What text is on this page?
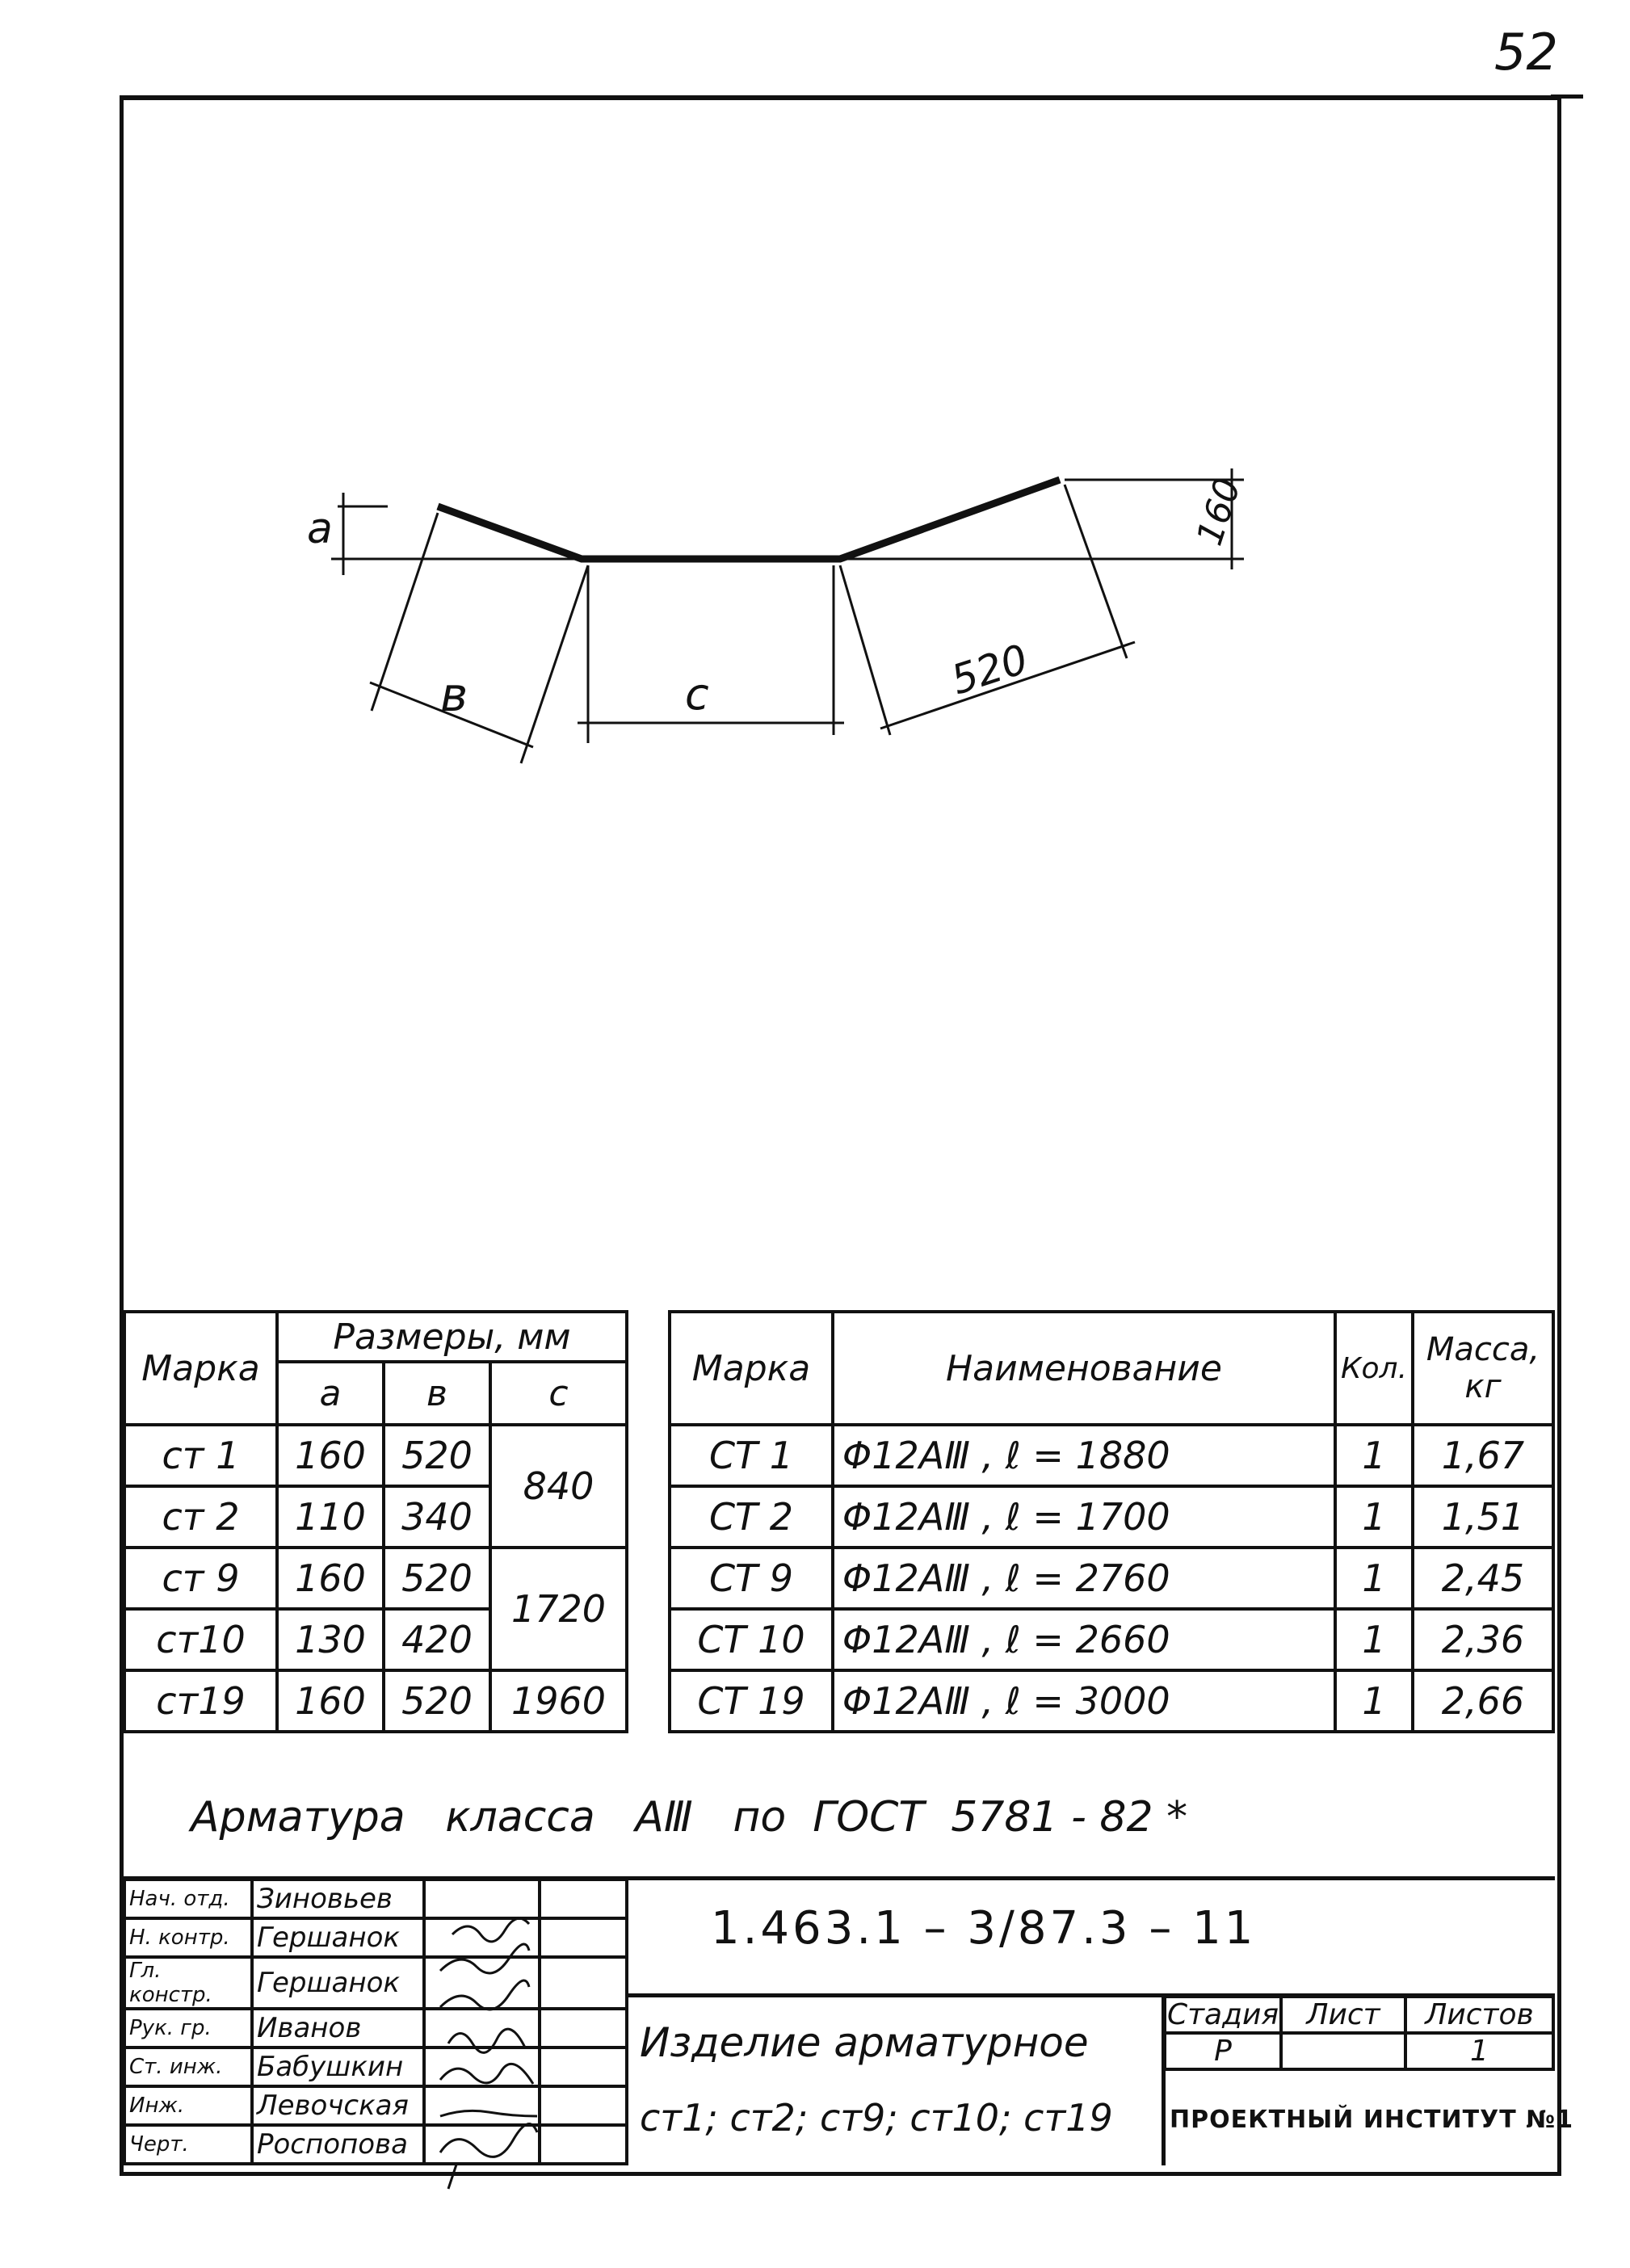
52
a
в	c	520
160
Марка	Размеры, мм		
	a	в	c
ст 1	160	520	840
ст 2	110	340	
ст 9	160	520	1720
ст10	130	420	
ст19	160	520	1960
Марка	Наименование	Кол.	Масса, кг
СТ 1	Φ12АⅢ , ℓ = 1880	1	1,67
СТ 2	Φ12АⅢ , ℓ = 1700	1	1,51
СТ 9	Φ12АⅢ , ℓ = 2760	1	2,45
СТ 10	Φ12АⅢ , ℓ = 2660	1	2,36
СТ 19	Φ12АⅢ , ℓ = 3000	1	2,66
Арматура   класса   АⅢ   по  ГОСТ  5781 - 82 *
Нач. отд.	Зиновьев		
Н. контр.	Гершанок		
Гл. констр.	Гершанок		
Рук. гр.	Иванов		
Ст. инж.	Бабушкин		
Инж.	Левочская		
Черт.	Роспопова		
1.463.1 – 3/87.3 – 11
Изделие арматурное
ст1; ст2; ст9; ст10; ст19
Стадия	Лист	Листов
Р		1
ПРОЕКТНЫЙ ИНСТИТУТ №1
